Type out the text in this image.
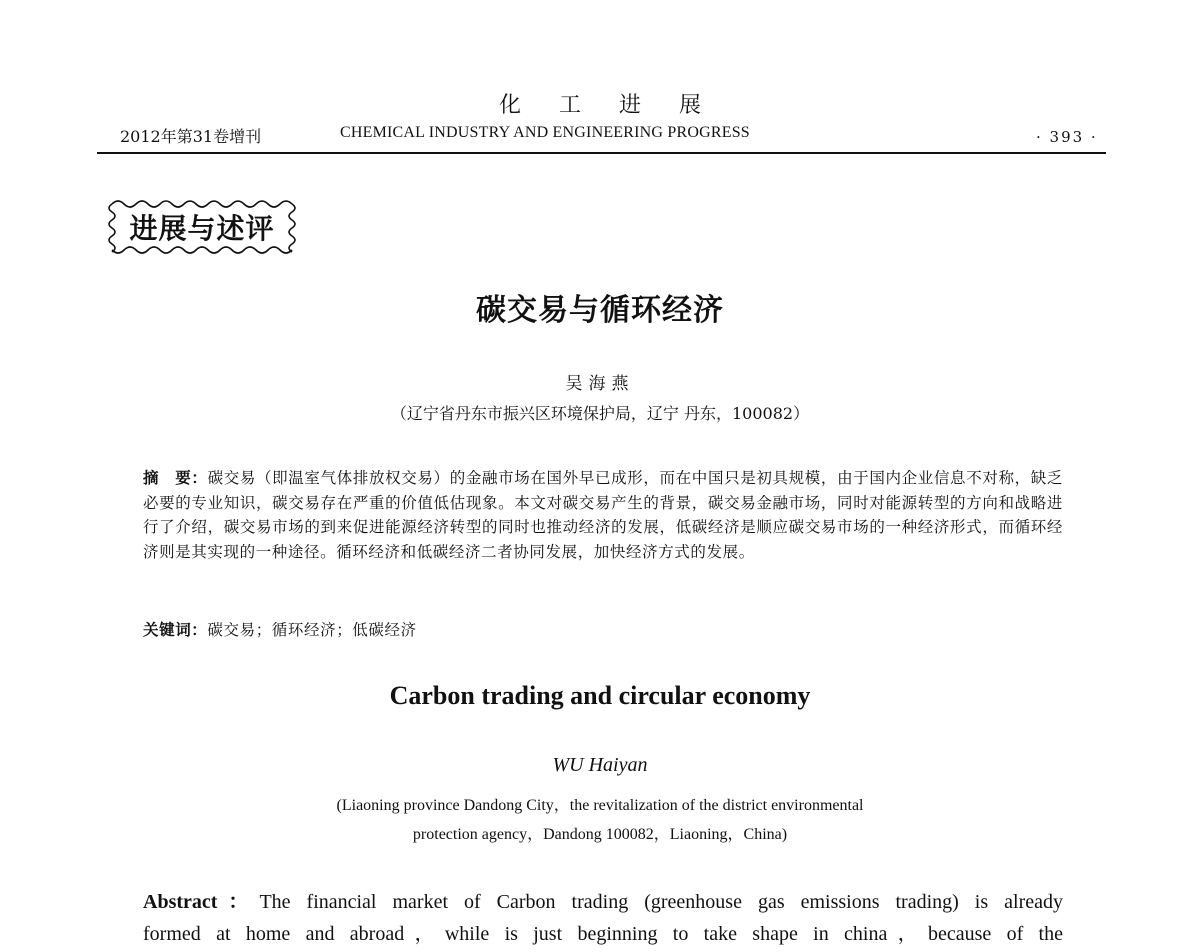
化工进展
2012年第31卷增刊	CHEMICAL INDUSTRY AND ENGINEERING PROGRESS	· 393 ·
进展与述评
碳交易与循环经济
吴海燕
（辽宁省丹东市振兴区环境保护局，辽宁 丹东，100082）
摘　要：碳交易（即温室气体排放权交易）的金融市场在国外早已成形，而在中国只是初具规模，由于国内企业信息不对称，缺乏必要的专业知识，碳交易存在严重的价值低估现象。本文对碳交易产生的背景，碳交易金融市场，同时对能源转型的方向和战略进行了介绍，碳交易市场的到来促进能源经济转型的同时也推动经济的发展，低碳经济是顺应碳交易市场的一种经济形式，而循环经济则是其实现的一种途径。循环经济和低碳经济二者协同发展，加快经济方式的发展。
关键词：碳交易；循环经济；低碳经济
Carbon trading and circular economy
WU Haiyan
(Liaoning province Dandong City，the revitalization of the district environmental
protection agency，Dandong 100082，Liaoning，China)
Abstract：The financial market of Carbon trading (greenhouse gas emissions trading) is already
formed at home and abroad，while is just beginning to take shape in china，because of the
